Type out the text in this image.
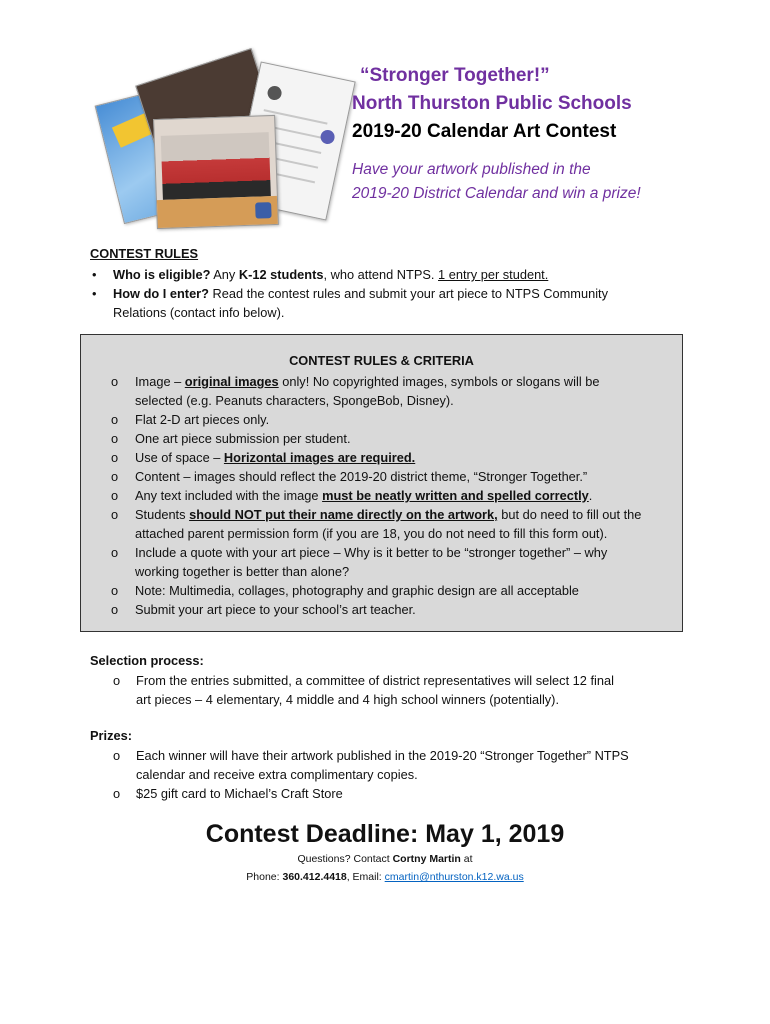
“Stronger Together!”
North Thurston Public Schools
2019-20 Calendar Art Contest
Have your artwork published in the
2019-20 District Calendar and win a prize!
CONTEST RULES
• Who is eligible? Any K-12 students, who attend NTPS. 1 entry per student.
• How do I enter? Read the contest rules and submit your art piece to NTPS Community
Relations (contact info below).
CONTEST RULES & CRITERIA
o Image – original images only! No copyrighted images, symbols or slogans will be
selected (e.g. Peanuts characters, SpongeBob, Disney).
o Flat 2-D art pieces only.
o One art piece submission per student.
o Use of space – Horizontal images are required.
o Content – images should reflect the 2019-20 district theme, “Stronger Together.”
o Any text included with the image must be neatly written and spelled correctly.
o Students should NOT put their name directly on the artwork, but do need to fill out the
attached parent permission form (if you are 18, you do not need to fill this form out).
o Include a quote with your art piece – Why is it better to be “stronger together” – why
working together is better than alone?
o Note: Multimedia, collages, photography and graphic design are all acceptable
o Submit your art piece to your school’s art teacher.
Selection process:
o From the entries submitted, a committee of district representatives will select 12 final
art pieces – 4 elementary, 4 middle and 4 high school winners (potentially).
Prizes:
o Each winner will have their artwork published in the 2019-20 “Stronger Together” NTPS
calendar and receive extra complimentary copies.
o $25 gift card to Michael’s Craft Store
Contest Deadline: May 1, 2019
Questions? Contact Cortny Martin at
Phone: 360.412.4418, Email: cmartin@nthurston.k12.wa.us
